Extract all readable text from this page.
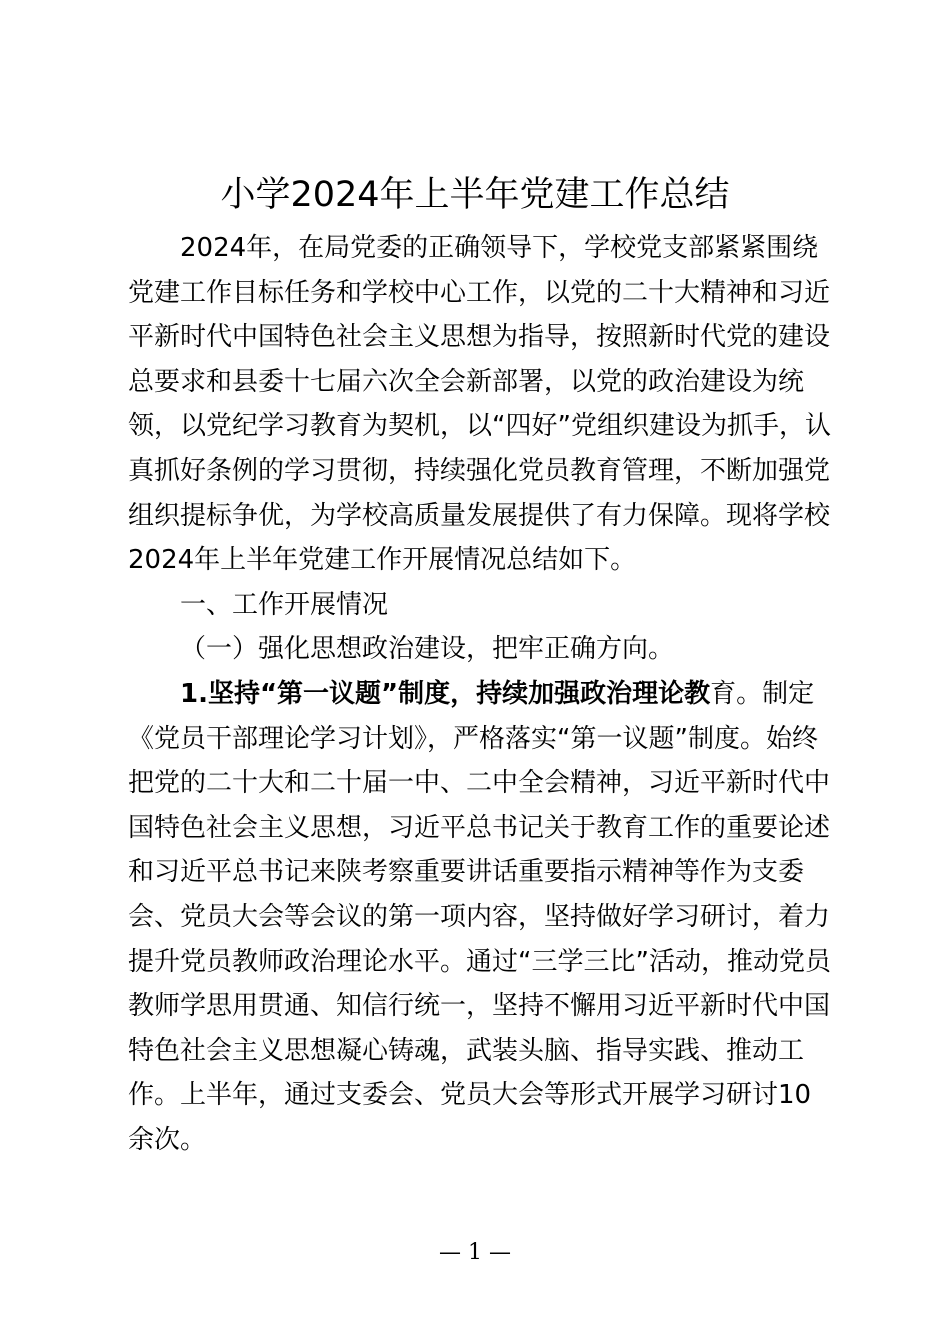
小学2024年上半年党建工作总结
2024年，在局党委的正确领导下，学校党支部紧紧围绕
党建工作目标任务和学校中心工作，以党的二十大精神和习近
平新时代中国特色社会主义思想为指导，按照新时代党的建设
总要求和县委十七届六次全会新部署，以党的政治建设为统
领，以党纪学习教育为契机，以“四好”党组织建设为抓手，认
真抓好条例的学习贯彻，持续强化党员教育管理，不断加强党
组织提标争优，为学校高质量发展提供了有力保障。现将学校
2024年上半年党建工作开展情况总结如下。
一、工作开展情况
（一）强化思想政治建设，把牢正确方向。
1.坚持“第一议题”制度，持续加强政治理论教育。制定
《党员干部理论学习计划》，严格落实“第一议题”制度。始终
把党的二十大和二十届一中、二中全会精神，习近平新时代中
国特色社会主义思想，习近平总书记关于教育工作的重要论述
和习近平总书记来陕考察重要讲话重要指示精神等作为支委
会、党员大会等会议的第一项内容，坚持做好学习研讨，着力
提升党员教师政治理论水平。通过“三学三比”活动，推动党员
教师学思用贯通、知信行统一，坚持不懈用习近平新时代中国
特色社会主义思想凝心铸魂，武装头脑、指导实践、推动工
作。上半年，通过支委会、党员大会等形式开展学习研讨10
余次。
— 1 —
